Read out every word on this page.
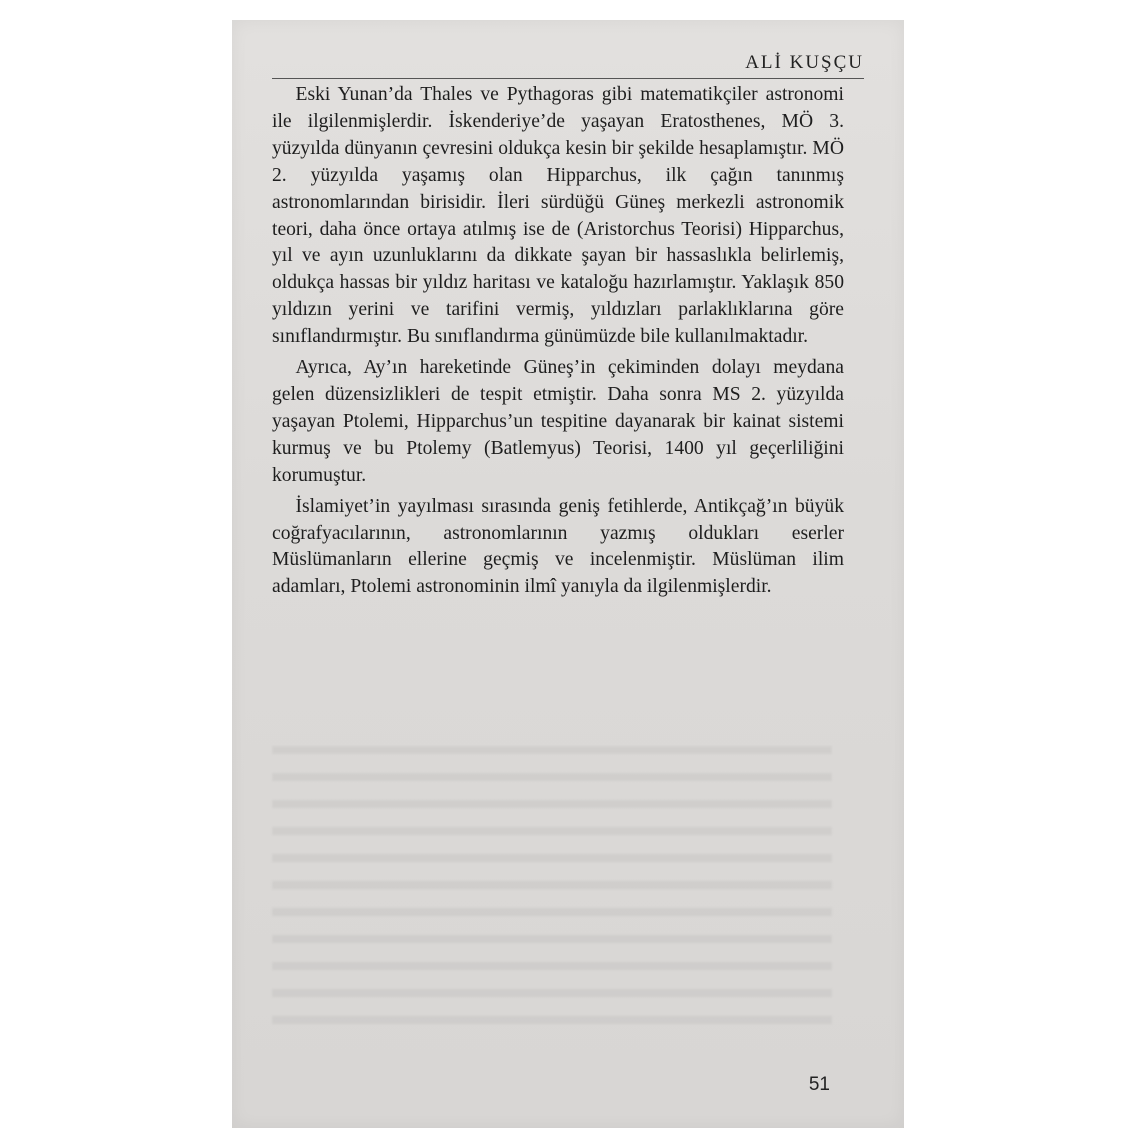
ALİ KUŞÇU

Eski Yunan’da Thales ve Pythagoras gibi matematikçiler astronomi ile ilgilenmişlerdir. İskenderiye’de yaşayan Eratosthenes, MÖ 3. yüzyılda dünyanın çevresini oldukça kesin bir şekilde hesaplamıştır. MÖ 2. yüzyılda yaşamış olan Hipparchus, ilk çağın tanınmış astronomlarından birisidir. İleri sürdüğü Güneş merkezli astronomik teori, daha önce ortaya atılmış ise de (Aristorchus Teorisi) Hipparchus, yıl ve ayın uzunluklarını da dikkate şayan bir hassaslıkla belirlemiş, oldukça hassas bir yıldız haritası ve kataloğu hazırlamıştır. Yaklaşık 850 yıldızın yerini ve tarifini vermiş, yıldızları parlaklıklarına göre sınıflandırmıştır. Bu sınıflandırma günümüzde bile kullanılmaktadır.

Ayrıca, Ay’ın hareketinde Güneş’in çekiminden dolayı meydana gelen düzensizlikleri de tespit etmiştir. Daha sonra MS 2. yüzyılda yaşayan Ptolemi, Hipparchus’un tespitine dayanarak bir kainat sistemi kurmuş ve bu Ptolemy (Batlemyus) Teorisi, 1400 yıl geçerliliğini korumuştur.

İslamiyet’in yayılması sırasında geniş fetihlerde, Antikçağ’ın büyük coğrafyacılarının, astronomlarının yazmış oldukları eserler Müslümanların ellerine geçmiş ve incelenmiştir. Müslüman ilim adamları, Ptolemi astronominin ilmî yanıyla da ilgilenmişlerdir.

51
